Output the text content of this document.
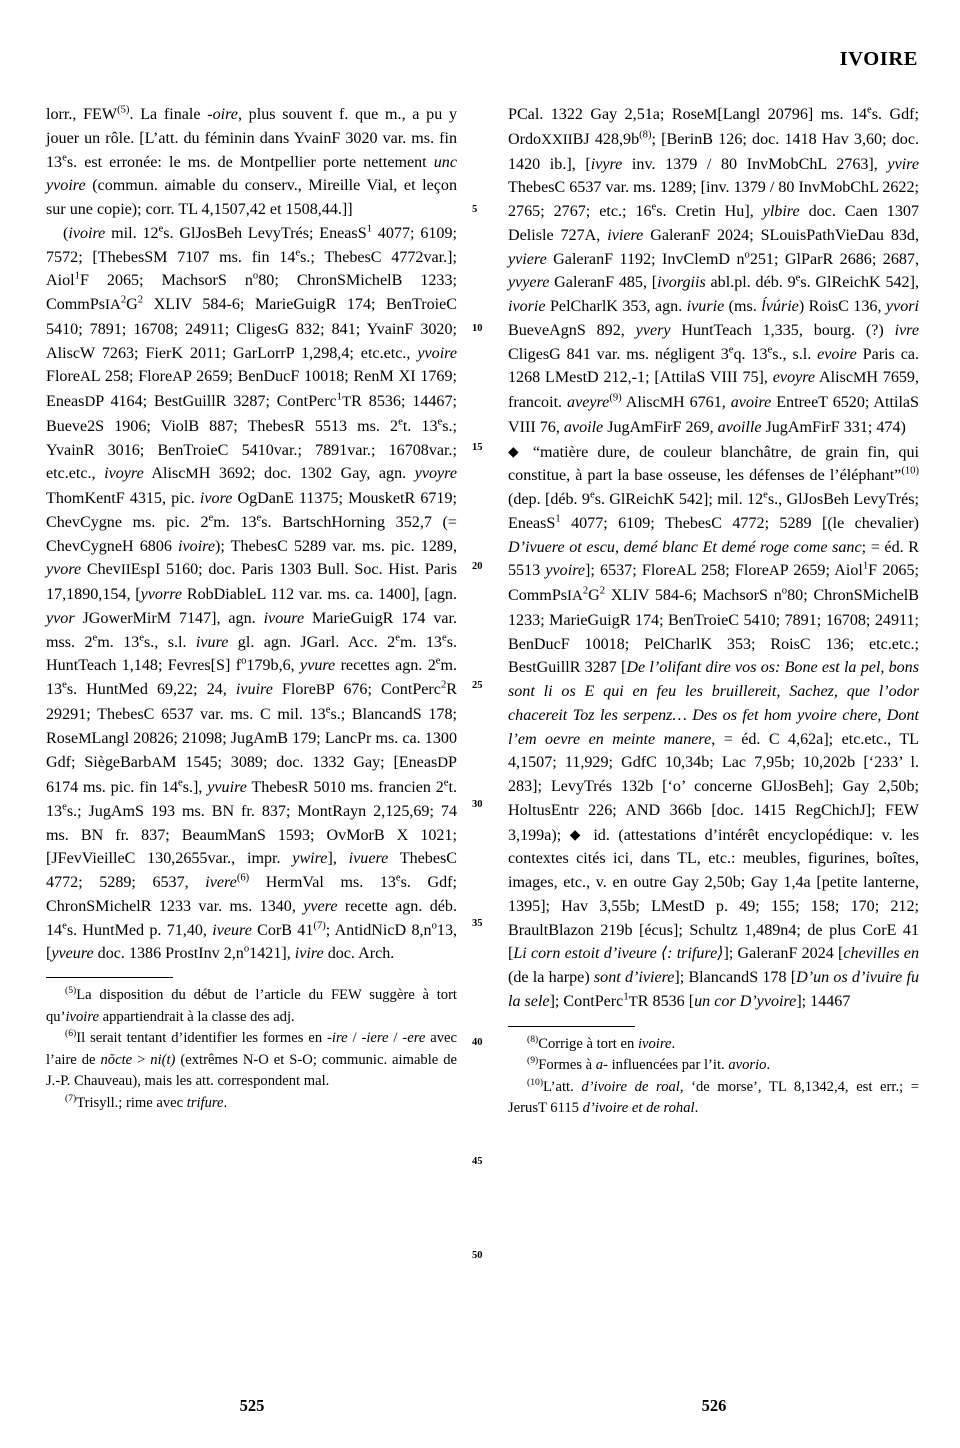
IVOIRE

lorr., FEW$^{(5)}$. La finale -oire, plus souvent f. que m., a pu y jouer un rôle. [L’att. du féminin dans YvainF 3020 var. ms. fin 13es. est erronée: le ms. de Montpellier porte nettement unc yvoire (commun. aimable du conserv., Mireille Vial, et leçon sur une copie); corr. TL 4,1507,42 et 1508,44.]]

(ivoire mil. 12es. GlJosBeh LevyTrés; EneasS$^1$ 4077; 6109; 7572; [ThebesSM 7107 ms. fin 14es.; ThebesC 4772var.]; Aiol$^1$F 2065; MachsorS $n^o80$; ChronSMichelB 1233; $CommPsIA^2G^2$ XLIV 584-6; MarieGuigR 174; BenTroieC 5410; 7891; 16708; 24911; CligesG 832; 841; YvainF 3020; AliscW 7263; FierK 2011; GarLorrP 1,298,4; etc.etc., yvoire FloreAL 258; FloreAP 2659; BenDucF 10018; RenM XI 1769; EneasDP 4164; BestGuillR 3287; ContPerc$^1$TR 8536; 14467; Bueve2S 1906; ViolB 887; ThebesR 5513 ms. 2et. 13es.; YvainR 3016; BenTroieC 5410var.; 7891var.; 16708var.; etc.etc., ivoyre AliscMH 3692; doc. 1302 Gay, agn. yvoyre ThomKentF 4315, pic. ivore OgDanE 11375; MousketR 6719; ChevCygne ms. pic. 2em. 13es. BartschHorning 352,7 (= ChevCygneH 6806 ivoire); ThebesC 5289 var. ms. pic. 1289, yvore ChevIIEspI 5160; doc. Paris 1303 Bull. Soc. Hist. Paris 17,1890,154, [yvorre RobDiableL 112 var. ms. ca. 1400], [agn. yvor JGowerMirM 7147], agn. ivoure MarieGuigR 174 var. mss. 2em. 13es., s.l. ivure gl. agn. JGarl. Acc. 2em. 13es. HuntTeach 1,148; Fevres[S] $f^o179b,6$, yvure recettes agn. 2em. 13es. HuntMed 69,22; 24, ivuire FloreBP 676; ContPerc$^2$R 29291; ThebesC 6537 var. ms. C mil. 13es.; BlancandS 178; RoseMLangl 20826; 21098; JugAmB 179; LancPr ms. ca. 1300 Gdf; SiègeBarbAM 1545; 3089; doc. 1332 Gay; [EneasDP 6174 ms. pic. fin 14es.], yvuire ThebesR 5010 ms. francien 2et. 13es.; JugAmS 193 ms. BN fr. 837; MontRayn 2,125,69; 74 ms. BN fr. 837; BeaumManS 1593; OvMorB X 1021; [JFevVieilleC 130,2655var., impr. ywire], ivuere ThebesC 4772; 5289; 6537, ivere$^{(6)}$ HermVal ms. 13es. Gdf; ChronSMichelR 1233 var. ms. 1340, yvere recette agn. déb. 14es. HuntMed p. 71,40, iveure CorB 41$^{(7)}$; AntidNicD $8,n^o13$, [yveure doc. 1386 ProstInv $2,n^o1421$], ivire doc. Arch.

$^{(5)}$La disposition du début de l’article du FEW suggère à tort qu’ivoire appartiendrait à la classe des adj.

$^{(6)}$Il serait tentant d’identifier les formes en -ire / -iere / -ere avec l’aire de nŏcte > ni(t) (extrêmes N-O et S-O; communic. aimable de J.-P. Chauveau), mais les att. correspondent mal.

$^{(7)}$Trisyll.; rime avec trifure.

PCal. 1322 Gay 2,51a; RoseM[Langl 20796] ms. 14es. Gdf; OrdoXXIIBJ $428,9b^{(8)}$; [BerinB 126; doc. 1418 Hav 3,60; doc. 1420 ib.], [ivyre inv. 1379 / 80 InvMobChL 2763], yvire ThebesC 6537 var. ms. 1289; [inv. 1379 / 80 InvMobChL 2622; 2765; 2767; etc.; 16es. Cretin Hu], ylbire doc. Caen 1307 Delisle 727A, iviere GaleranF 2024; SLouisPathVieDau 83d, yviere GaleranF 1192; InvClemD $n^o251$; GlParR 2686; 2687, yvyere GaleranF 485, [ivorgiis abl.pl. déb. 9es. GlReichK 542], ivorie PelCharlK 353, agn. ivurie (ms. ĺvúrie) RoisC 136, yvori BueveAgnS 892, yvery HuntTeach 1,335, bourg. (?) ivre CligesG 841 var. ms. négligent 3eq. 13es., s.l. evoire Paris ca. 1268 LMestD 212,-1; [AttilaS VIII 75], evoyre AliscMH 7659, francoit. aveyre$^{(9)}$ AliscMH 6761, avoire EntreeT 6520; AttilaS VIII 76, avoile JugAmFirF 269, avoille JugAmFirF 331; 474)

◆ “matière dure, de couleur blanchâtre, de grain fin, qui constitue, à part la base osseuse, les défenses de l’éléphant”$^{(10)}$ (dep. [déb. 9es. GlReichK 542]; mil. 12es., GlJosBeh LevyTrés; EneasS$^1$ 4077; 6109; ThebesC 4772; 5289 [(le chevalier) D’ivuere ot escu, demé blanc Et demé roge come sanc; = éd. R 5513 yvoire]; 6537; FloreAL 258; FloreAP 2659; Aiol$^1$F 2065; $CommPsIA^2G^2$ XLIV 584-6; MachsorS $n^o80$; ChronSMichelB 1233; MarieGuigR 174; BenTroieC 5410; 7891; 16708; 24911; BenDucF 10018; PelCharlK 353; RoisC 136; etc.etc.; BestGuillR 3287 [De l’olifant dire vos os: Bone est la pel, bons sont li os E qui en feu les bruillereit, Sachez, que l’odor chacereit Toz les serpenz… Des os fet hom yvoire chere, Dont l’em oevre en meinte manere, = éd. C 4,62a]; etc.etc., TL 4,1507; 11,929; GdfC 10,34b; Lac 7,95b; 10,202b [‘233’ l. 283]; LevyTrés 132b [‘o’ concerne GlJosBeh]; Gay 2,50b; HoltusEntr 226; AND 366b [doc. 1415 RegChichJ]; FEW 3,199a); ◆ id. (attestations d’intérêt encyclopédique: v. les contextes cités ici, dans TL, etc.: meubles, figurines, boîtes, images, etc., v. en outre Gay 2,50b; Gay 1,4a [petite lanterne, 1395]; Hav 3,55b; LMestD p. 49; 155; 158; 170; 212; BraultBlazon 219b [écus]; Schultz 1,489n4; de plus CorE 41 [Li corn estoit d’iveure ⟨: trifure⟩]; GaleranF 2024 [chevilles en (de la harpe) sont d’iviere]; BlancandS 178 [D’un os d’ivuire fu la sele]; ContPerc$^1$TR 8536 [un cor D’yvoire]; 14467

$^{(8)}$Corrige à tort en ivoire.

$^{(9)}$Formes à a- influencées par l’it. avorio.

$^{(10)}$L’att. d’ivoire de roal, ‘de morse’, TL 8,1342,4, est err.; = JerusT 6115 d’ivoire et de rohal.

5
10
15
20
25
30
35
40
45
50
525	526
